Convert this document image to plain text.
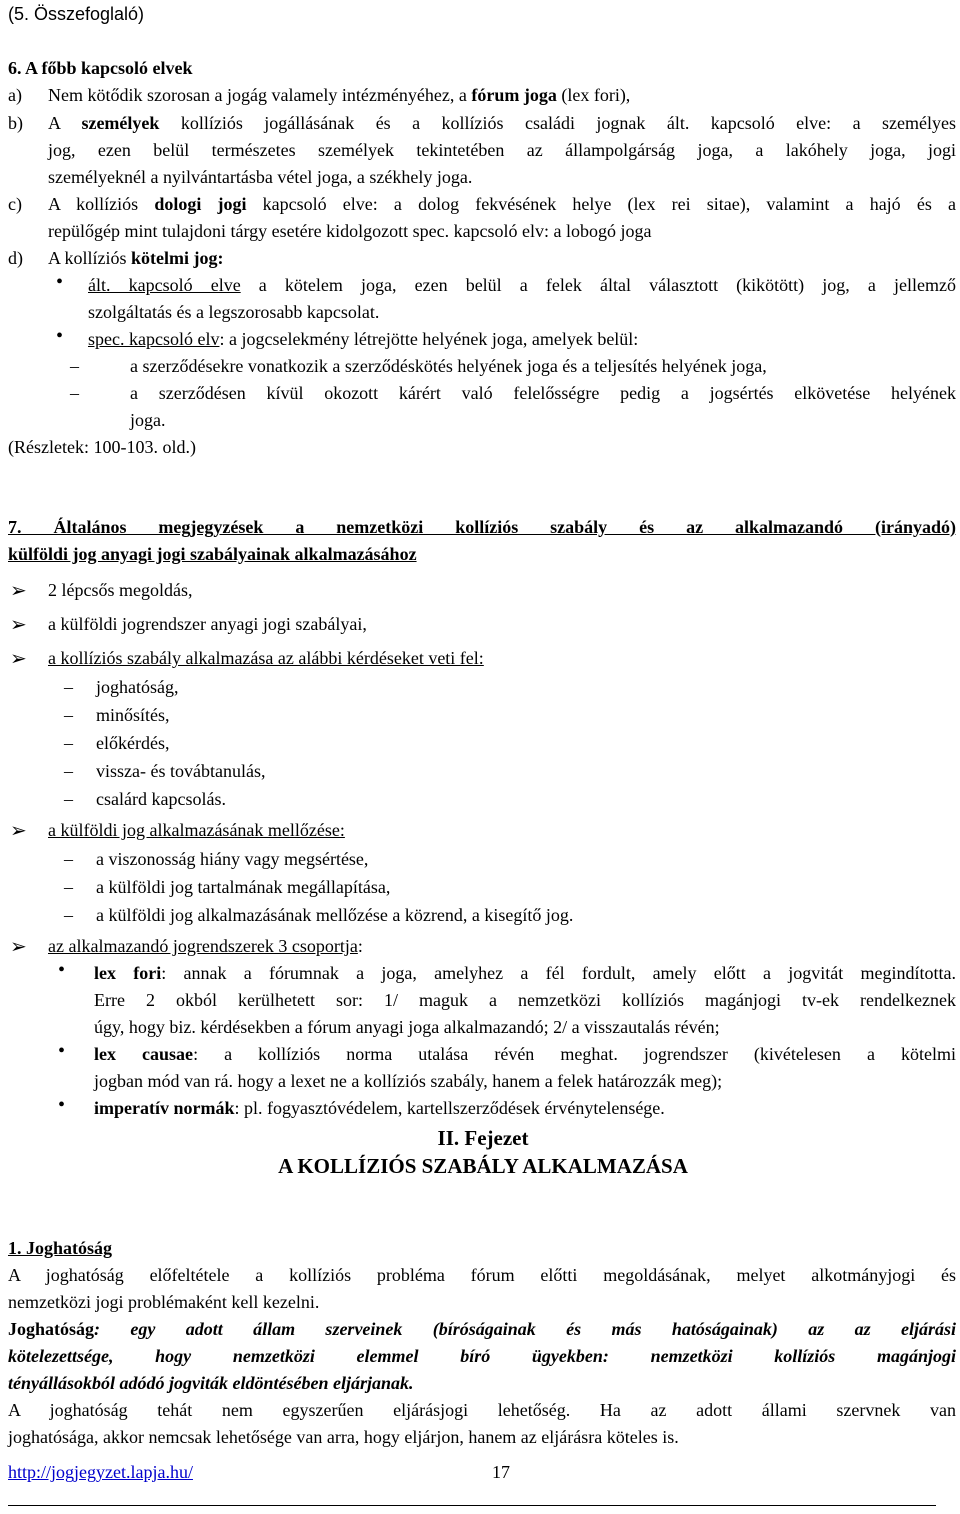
(5. Összefoglaló)
6. A főbb kapcsoló elvek
a) Nem kötődik szorosan a jogág valamely intézményéhez, a fórum joga (lex fori),
b) A személyek kollíziós jogállásának és a kollíziós családi jognak ált. kapcsoló elve: a személyes
jog, ezen belül természetes személyek tekintetében az állampolgárság joga, a lakóhely joga, jogi
személyeknél a nyilvántartásba vétel joga, a székhely joga.
c) A kollíziós dologi jogi kapcsoló elve: a dolog fekvésének helye (lex rei sitae), valamint a hajó és a
repülőgép mint tulajdoni tárgy esetére kidolgozott spec. kapcsoló elv: a lobogó joga
d) A kollíziós kötelmi jog:
• ált. kapcsoló elve a kötelem joga, ezen belül a felek által választott (kikötött) jog, a jellemző
szolgáltatás és a legszorosabb kapcsolat.
• spec. kapcsoló elv: a jogcselekmény létrejötte helyének joga, amelyek belül:
–	a szerződésekre vonatkozik a szerződéskötés helyének joga és a teljesítés helyének joga,
–	a szerződésen kívül okozott kárért való felelősségre pedig a jogsértés elkövetése helyének
joga.
(Részletek: 100-103. old.)
7. Általános megjegyzések a nemzetközi kollíziós szabály és az alkalmazandó (irányadó)
külföldi jog anyagi jogi szabályainak alkalmazásához
➢ 2 lépcsős megoldás,
➢ a külföldi jogrendszer anyagi jogi szabályai,
➢ a kollíziós szabály alkalmazása az alábbi kérdéseket veti fel:
– joghatóság,
– minősítés,
– előkérdés,
– vissza- és továbtanulás,
– csalárd kapcsolás.
➢ a külföldi jog alkalmazásának mellőzése:
– a viszonosság hiány vagy megsértése,
– a külföldi jog tartalmának megállapítása,
– a külföldi jog alkalmazásának mellőzése a közrend, a kisegítő jog.
➢ az alkalmazandó jogrendszerek 3 csoportja:
• lex fori: annak a fórumnak a joga, amelyhez a fél fordult, amely előtt a jogvitát megindította.
Erre 2 okból kerülhetett sor: 1/ maguk a nemzetközi kollíziós magánjogi tv-ek rendelkeznek
úgy, hogy biz. kérdésekben a fórum anyagi joga alkalmazandó; 2/ a visszautalás révén;
• lex causae: a kollíziós norma utalása révén meghat. jogrendszer (kivételesen a kötelmi
jogban mód van rá. hogy a lexet ne a kollíziós szabály, hanem a felek határozzák meg);
• imperatív normák: pl. fogyasztóvédelem, kartellszerződések érvénytelensége.
II. Fejezet
A KOLLÍZIÓS SZABÁLY ALKALMAZÁSA
1. Joghatóság
A joghatóság előfeltétele a kollíziós probléma fórum előtti megoldásának, melyet alkotmányjogi és
nemzetközi jogi problémaként kell kezelni.
Joghatóság: egy adott állam szerveinek (bíróságainak és más hatóságainak) az az eljárási
kötelezettsége, hogy nemzetközi elemmel bíró ügyekben: nemzetközi kollíziós magánjogi
tényállásokból adódó jogviták eldöntésében eljárjanak.
A joghatóság tehát nem egyszerűen eljárásjogi lehetőség. Ha az adott állami szervnek van
joghatósága, akkor nemcsak lehetősége van arra, hogy eljárjon, hanem az eljárásra köteles is.
http://jogjegyzet.lapja.hu/	17
